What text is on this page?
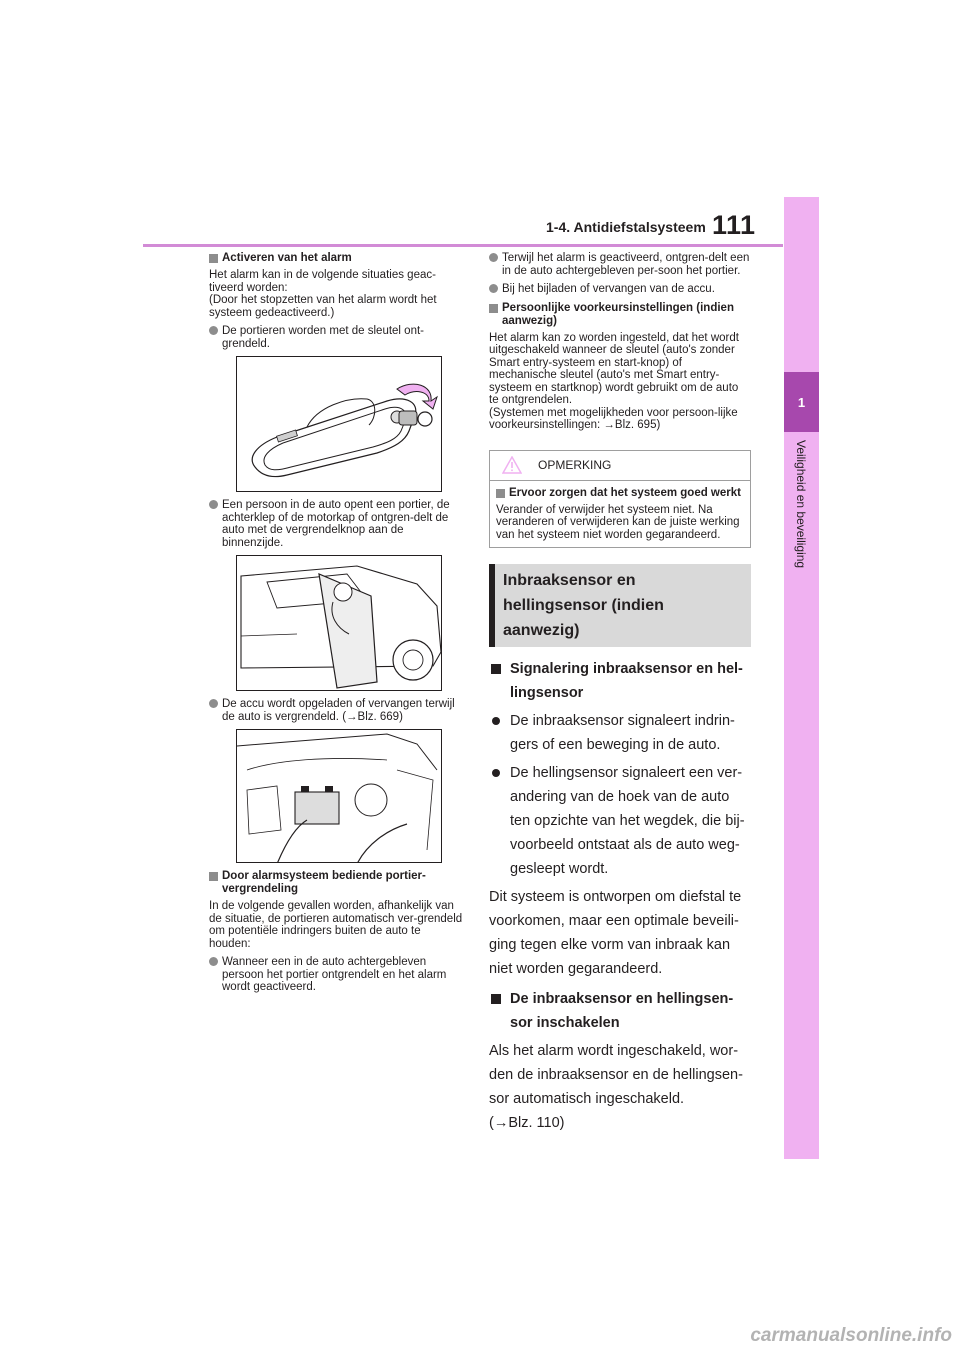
1-4. Antidiefstalsysteem 111
1
Veiligheid en beveiliging
Activeren van het alarm
Het alarm kan in de volgende situaties geac-tiveerd worden:
(Door het stopzetten van het alarm wordt het systeem gedeactiveerd.)
De portieren worden met de sleutel ont-grendeld.
Een persoon in de auto opent een portier, de achterklep of de motorkap of ontgren-delt de auto met de vergrendelknop aan de binnenzijde.
De accu wordt opgeladen of vervangen terwijl de auto is vergrendeld. (→Blz. 669)
Door alarmsysteem bediende portier-vergrendeling
In de volgende gevallen worden, afhankelijk van de situatie, de portieren automatisch ver-grendeld om potentiële indringers buiten de auto te houden:
Wanneer een in de auto achtergebleven persoon het portier ontgrendelt en het alarm wordt geactiveerd.
Terwijl het alarm is geactiveerd, ontgren-delt een in de auto achtergebleven per-soon het portier.
Bij het bijladen of vervangen van de accu.
Persoonlijke voorkeursinstellingen (indien aanwezig)
Het alarm kan zo worden ingesteld, dat het wordt uitgeschakeld wanneer de sleutel (auto's zonder Smart entry-systeem en start-knop) of mechanische sleutel (auto's met Smart entry-systeem en startknop) wordt gebruikt om de auto te ontgrendelen.
(Systemen met mogelijkheden voor persoon-lijke voorkeursinstellingen: →Blz. 695)
OPMERKING
Ervoor zorgen dat het systeem goed werkt
Verander of verwijder het systeem niet. Na veranderen of verwijderen kan de juiste werking van het systeem niet worden gegarandeerd.
Inbraaksensor en hellingsensor (indien aanwezig)
Signalering inbraaksensor en hel-lingsensor
De inbraaksensor signaleert indrin-gers of een beweging in de auto.
De hellingsensor signaleert een ver-andering van de hoek van de auto ten opzichte van het wegdek, die bij-voorbeeld ontstaat als de auto weg-gesleept wordt.
Dit systeem is ontworpen om diefstal te voorkomen, maar een optimale beveili-ging tegen elke vorm van inbraak kan niet worden gegarandeerd.
De inbraaksensor en hellingsen-sor inschakelen
Als het alarm wordt ingeschakeld, wor-den de inbraaksensor en de hellingsen-sor automatisch ingeschakeld.
(→Blz. 110)
carmanualsonline.info
